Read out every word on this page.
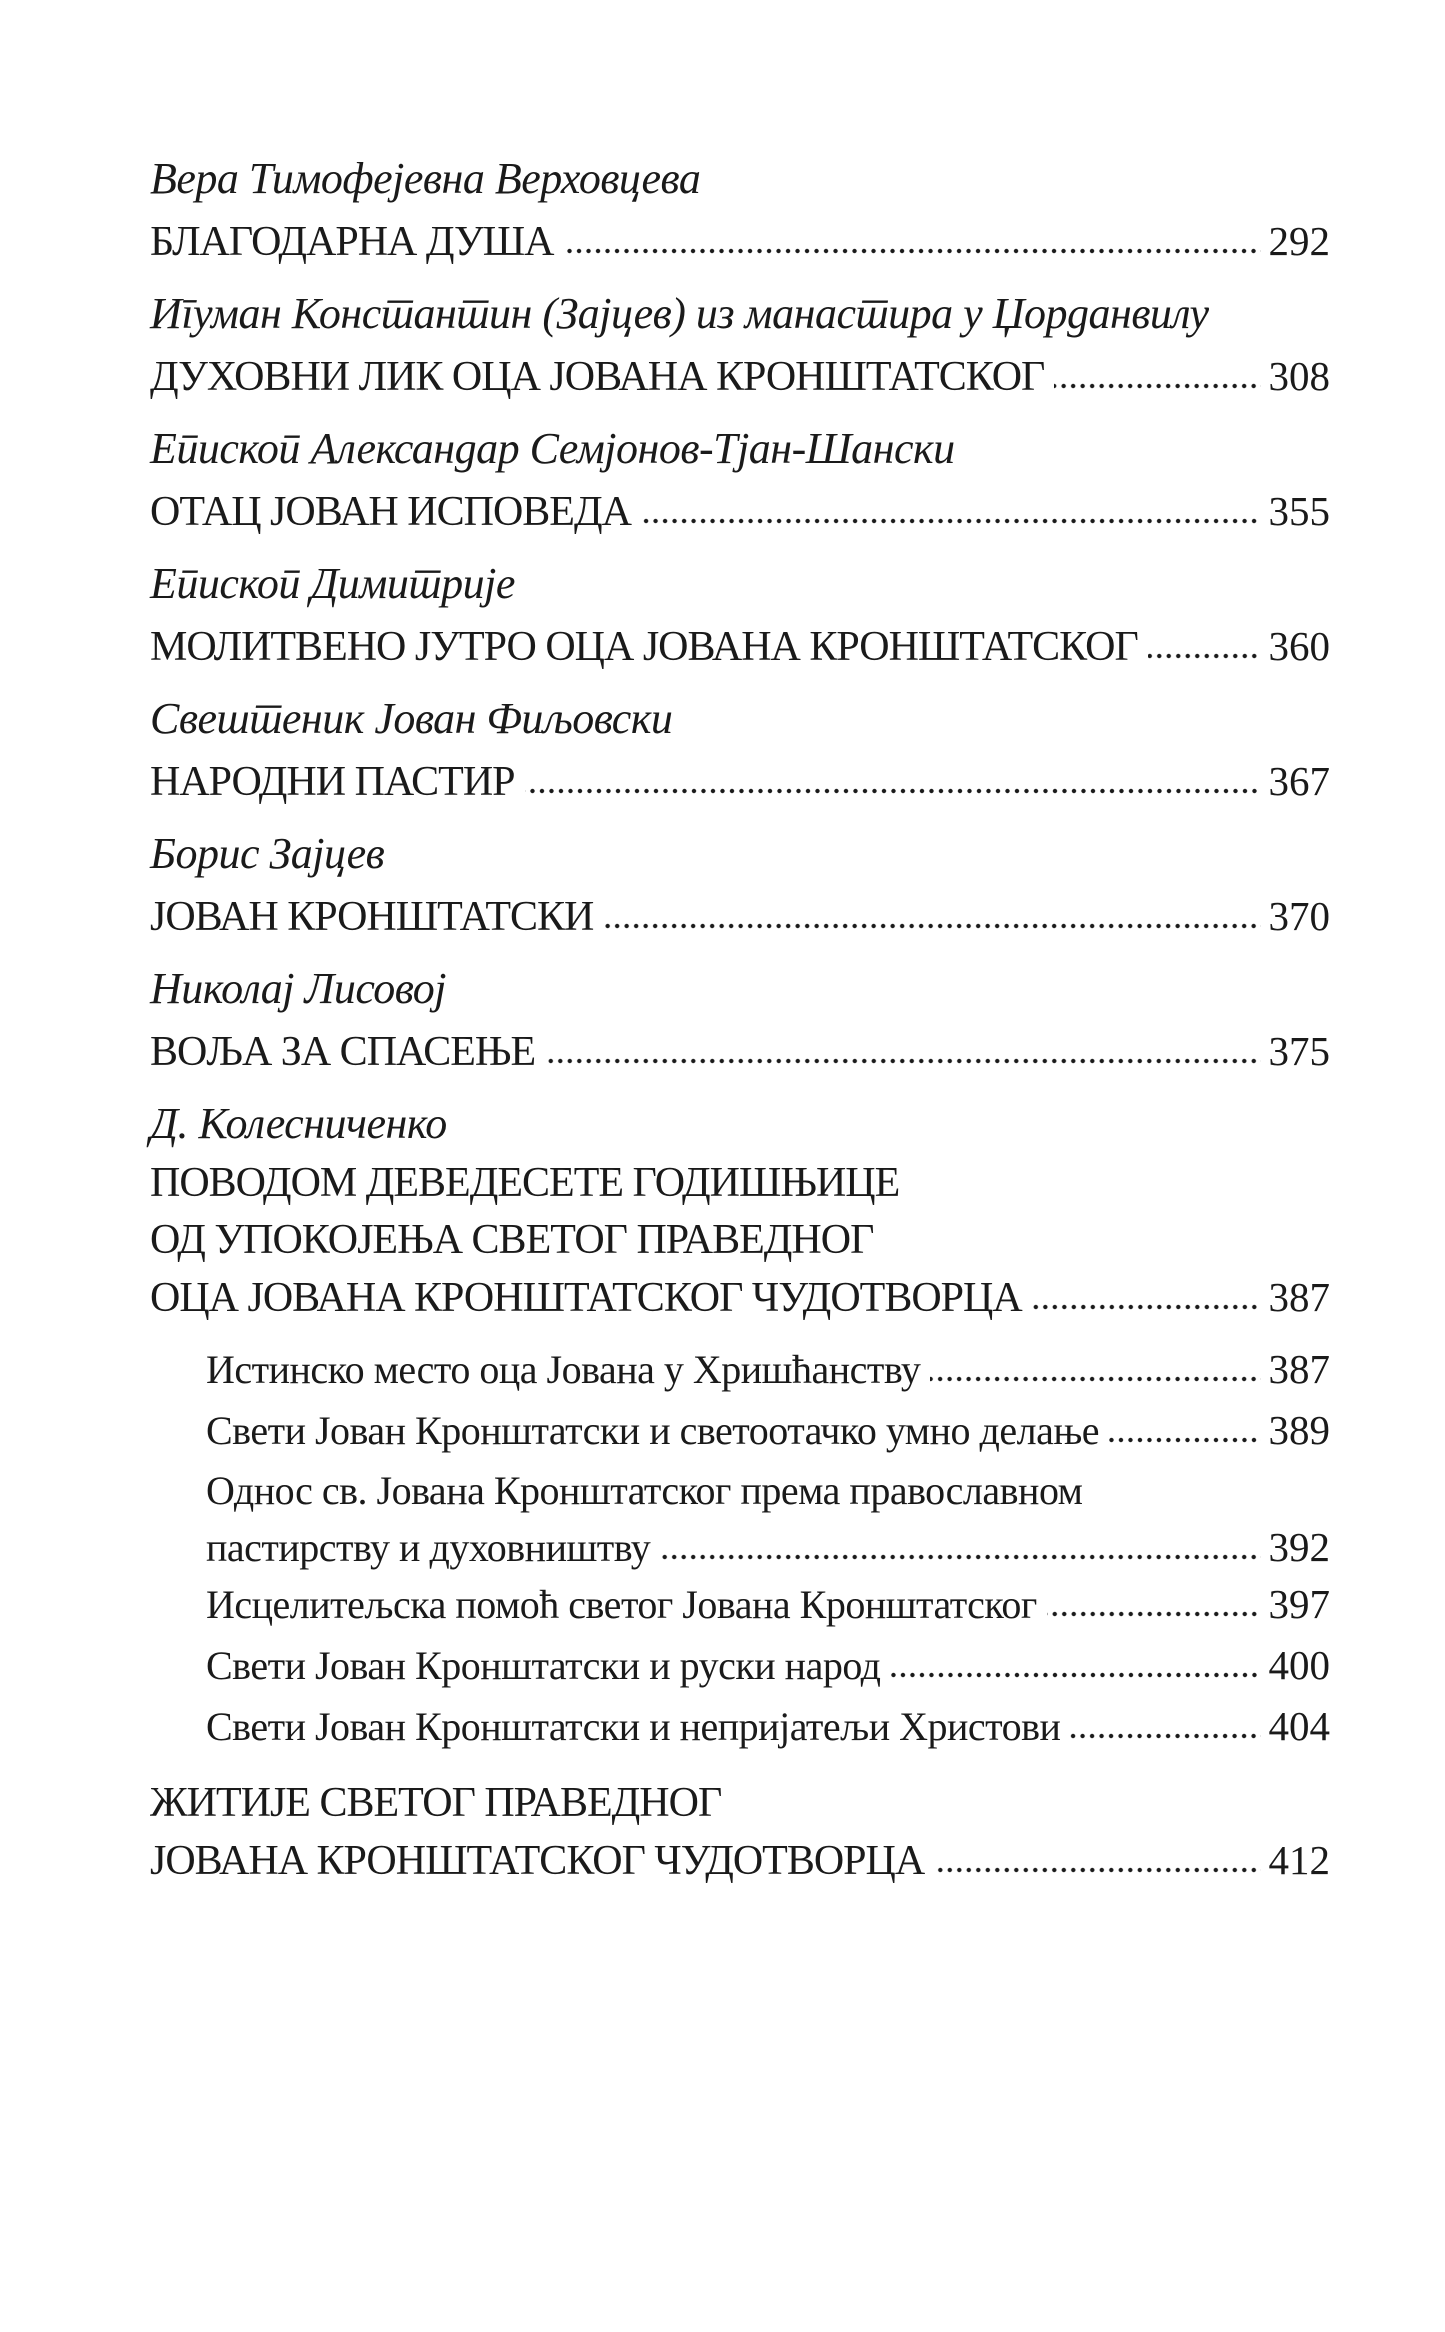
Вера Тимофејевна Верховцева
БЛАГОДАРНА ДУША	292
Игуман Константин (Зајцев) из манастира у Џорданвилу
ДУХОВНИ ЛИК ОЦА ЈОВАНА КРОНШТАТСКОГ	308
Епископ Александар Семјонов-Тјан-Шански
ОТАЦ ЈОВАН ИСПОВЕДА	355
Епископ Димитрије
МОЛИТВЕНО ЈУТРО ОЦА ЈОВАНА КРОНШТАТСКОГ	360
Свештеник Јован Фиљовски
НАРОДНИ ПАСТИР	367
Борис Зајцев
ЈОВАН КРОНШТАТСКИ	370
Николај Лисовој
ВОЉА ЗА СПАСЕЊЕ	375
Д. Колесниченко
ПОВОДОМ ДЕВЕДЕСЕТЕ ГОДИШЊИЦЕ
ОД УПОКОЈЕЊА СВЕТОГ ПРАВЕДНОГ
ОЦА ЈОВАНА КРОНШТАТСКОГ ЧУДОТВОРЦА	387
Истинско место оца Јована у Хришћанству	387
Свети Јован Кронштатски и светоотачко умно делање	389
Однос св. Јована Кронштатског према православном
пастирству и духовништву	392
Исцелитељска помоћ светог Јована Кронштатског	397
Свети Јован Кронштатски и руски народ	400
Свети Јован Кронштатски и непријатељи Христови	404
ЖИТИЈЕ СВЕТОГ ПРАВЕДНОГ
ЈОВАНА КРОНШТАТСКОГ ЧУДОТВОРЦА	412
